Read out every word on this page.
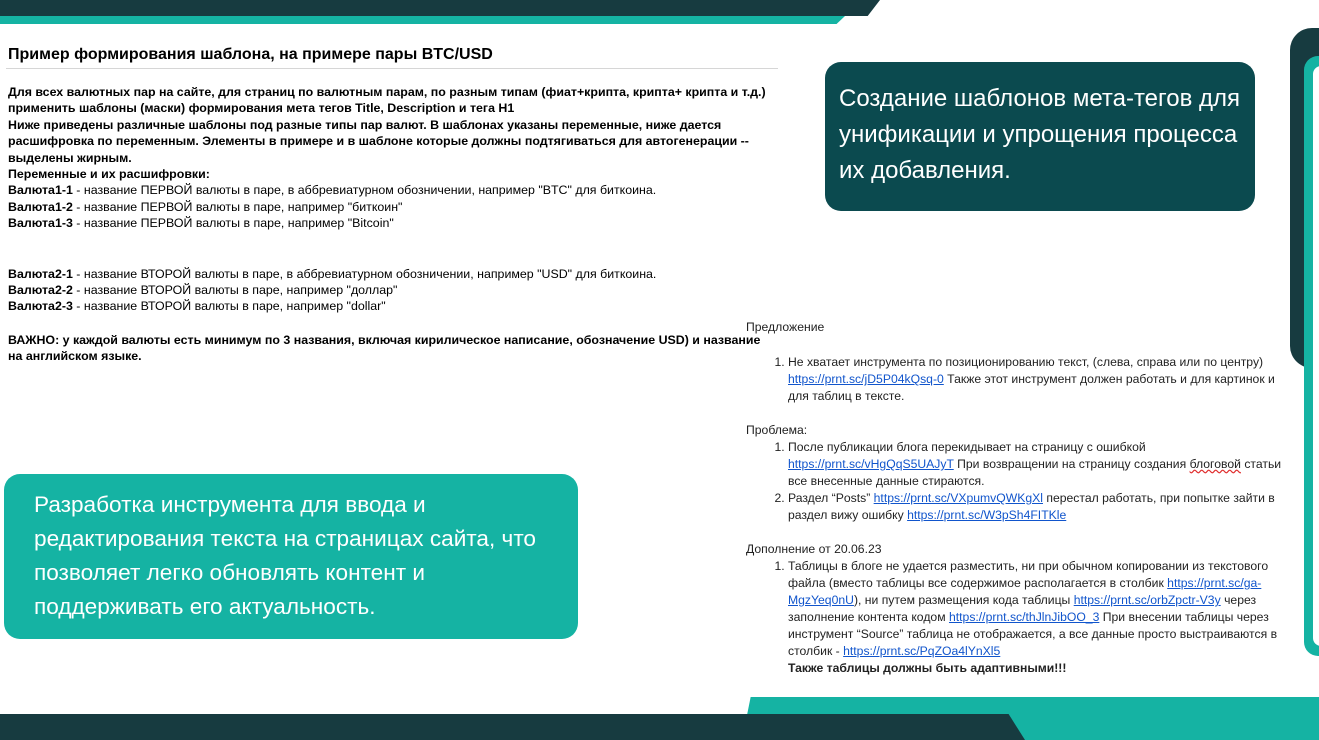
Пример формирования шаблона, на примере пары BTC/USD

Для всех валютных пар на сайте, для страниц по валютным парам, по разным типам (фиат+крипта, крипта+ крипта и т.д.) применить шаблоны (маски) формирования мета тегов Title, Description и тега H1

Ниже приведены различные шаблоны под разные типы пар валют. В шаблонах указаны переменные, ниже дается расшифровка по переменным. Элементы в примере и в шаблоне которые должны подтягиваться для автогенерации -- выделены жирным.

Переменные и их расшифровки:

Валюта1-1 - название ПЕРВОЙ валюты в паре, в аббревиатурном обозничении, например "BTC" для биткоина.

Валюта1-2 - название ПЕРВОЙ валюты в паре, например "биткоин"

Валюта1-3 - название ПЕРВОЙ валюты в паре, например "Bitcoin"

Валюта2-1 - название ВТОРОЙ валюты в паре, в аббревиатурном обозничении, например "USD" для биткоина.

Валюта2-2 - название ВТОРОЙ валюты в паре, например "доллар"

Валюта2-3 - название ВТОРОЙ валюты в паре, например "dollar"

ВАЖНО: у каждой валюты есть минимум по 3 названия, включая кирилическое написание, обозначение USD) и название на английском языке.

Создание шаблонов мета-тегов для унификации и упрощения процесса их добавления.
Разработка инструмента для ввода и редактирования текста на страницах сайта, что позволяет легко обновлять контент и поддерживать его актуальность.

Предложение

1. Не хватает инструмента по позиционированию текст, (слева, справа или по центру) https://prnt.sc/jD5P04kQsq-0 Также этот инструмент должен работать и для картинок и для таблиц в тексте.

Проблема:

1. После публикации блога перекидывает на страницу с ошибкой https://prnt.sc/vHgQqS5UAJyT При возвращении на страницу создания блоговой статьи все внесенные данные стираются.
2. Раздел “Posts” https://prnt.sc/VXpumvQWKgXl перестал работать, при попытке зайти в раздел вижу ошибку https://prnt.sc/W3pSh4FITKle

Дополнение от 20.06.23

1. Таблицы в блоге не удается разместить, ни при обычном копировании из текстового файла (вместо таблицы все содержимое располагается в столбик https://prnt.sc/ga-MgzYeq0nU), ни путем размещения кода таблицы https://prnt.sc/orbZpctr-V3y через заполнение контента кодом https://prnt.sc/thJlnJibOO_3 При внесении таблицы через инструмент “Source” таблица не отображается, а все данные просто выстраиваются в столбик - https://prnt.sc/PqZOa4lYnXl5
Также таблицы должны быть адаптивными!!!
